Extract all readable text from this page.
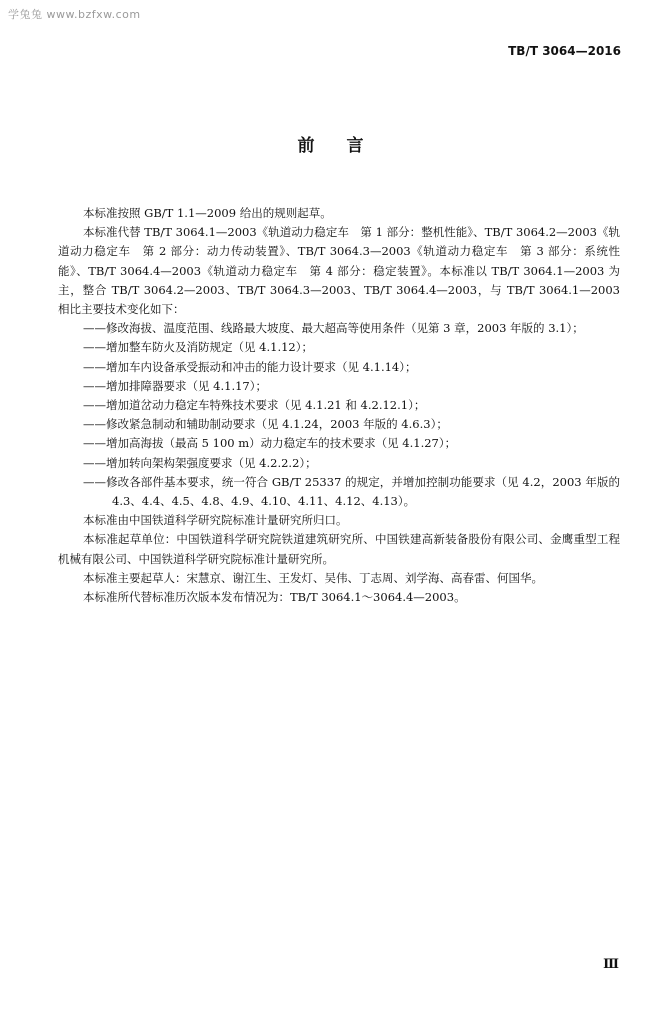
学兔兔 www.bzfxw.com
TB/T 3064—2016
前 言

本标准按照 GB/T 1.1—2009 给出的规则起草。

本标准代替 TB/T 3064.1—2003《轨道动力稳定车　第 1 部分：整机性能》、TB/T 3064.2—2003《轨道动力稳定车　第 2 部分：动力传动装置》、TB/T 3064.3—2003《轨道动力稳定车　第 3 部分：系统性能》、TB/T 3064.4—2003《轨道动力稳定车　第 4 部分：稳定装置》。本标准以 TB/T 3064.1—2003 为主，整合 TB/T 3064.2—2003、TB/T 3064.3—2003、TB/T 3064.4—2003，与 TB/T 3064.1—2003 相比主要技术变化如下：

——修改海拔、温度范围、线路最大坡度、最大超高等使用条件（见第 3 章，2003 年版的 3.1）；

——增加整车防火及消防规定（见 4.1.12）；

——增加车内设备承受振动和冲击的能力设计要求（见 4.1.14）；

——增加排障器要求（见 4.1.17）；

——增加道岔动力稳定车特殊技术要求（见 4.1.21 和 4.2.12.1）；

——修改紧急制动和辅助制动要求（见 4.1.24，2003 年版的 4.6.3）；

——增加高海拔（最高 5 100 m）动力稳定车的技术要求（见 4.1.27）；

——增加转向架构架强度要求（见 4.2.2.2）；

——修改各部件基本要求，统一符合 GB/T 25337 的规定，并增加控制功能要求（见 4.2，2003 年版的 4.3、4.4、4.5、4.8、4.9、4.10、4.11、4.12、4.13）。

本标准由中国铁道科学研究院标准计量研究所归口。

本标准起草单位：中国铁道科学研究院铁道建筑研究所、中国铁建高新装备股份有限公司、金鹰重型工程机械有限公司、中国铁道科学研究院标准计量研究所。

本标准主要起草人：宋慧京、谢江生、王发灯、吴伟、丁志周、刘学海、高春雷、何国华。

本标准所代替标准历次版本发布情况为：TB/T 3064.1～3064.4—2003。

Ⅲ
